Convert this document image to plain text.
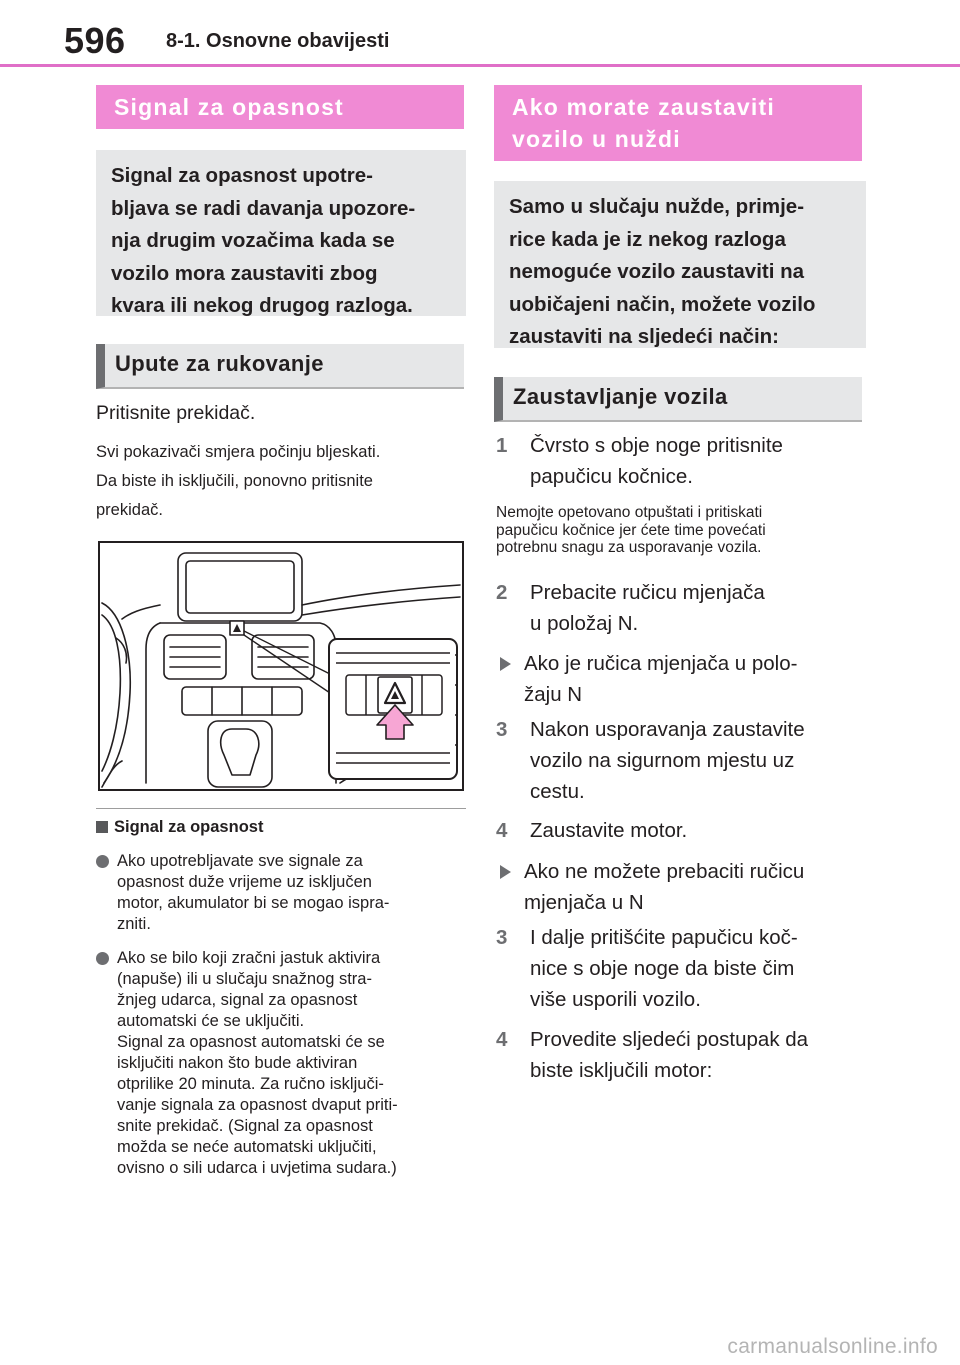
596 8-1. Osnovne obavijesti
Signal za opasnost
Signal za opasnost upotre-
bljava se radi davanja upozore-
nja drugim vozačima kada se
vozilo mora zaustaviti zbog
kvara ili nekog drugog razloga.
Upute za rukovanje
Pritisnite prekidač.
Svi pokazivači smjera počinju bljeskati.
Da biste ih isključili, ponovno pritisnite
prekidač.
Signal za opasnost
Ako upotrebljavate sve signale za
opasnost duže vrijeme uz isključen
motor, akumulator bi se mogao ispra-
zniti.
Ako se bilo koji zračni jastuk aktivira
(napuše) ili u slučaju snažnog stra-
žnjeg udarca, signal za opasnost
automatski će se uključiti.
Signal za opasnost automatski će se
isključiti nakon što bude aktiviran
otprilike 20 minuta. Za ručno isključi-
vanje signala za opasnost dvaput priti-
snite prekidač. (Signal za opasnost
možda se neće automatski uključiti,
ovisno o sili udarca i uvjetima sudara.)
Ako morate zaustaviti
vozilo u nuždi
Samo u slučaju nužde, primje-
rice kada je iz nekog razloga
nemoguće vozilo zaustaviti na
uobičajeni način, možete vozilo
zaustaviti na sljedeći način:
Zaustavljanje vozila
1 Čvrsto s obje noge pritisnite
papučicu kočnice.
Nemojte opetovano otpuštati i pritiskati
papučicu kočnice jer ćete time povećati
potrebnu snagu za usporavanje vozila.
2 Prebacite ručicu mjenjača
u položaj N.
Ako je ručica mjenjača u polo-
žaju N
3 Nakon usporavanja zaustavite
vozilo na sigurnom mjestu uz
cestu.
4 Zaustavite motor.
Ako ne možete prebaciti ručicu
mjenjača u N
3 I dalje pritišćite papučicu koč-
nice s obje noge da biste čim
više usporili vozilo.
4 Provedite sljedeći postupak da
biste isključili motor:
carmanualsonline.info
